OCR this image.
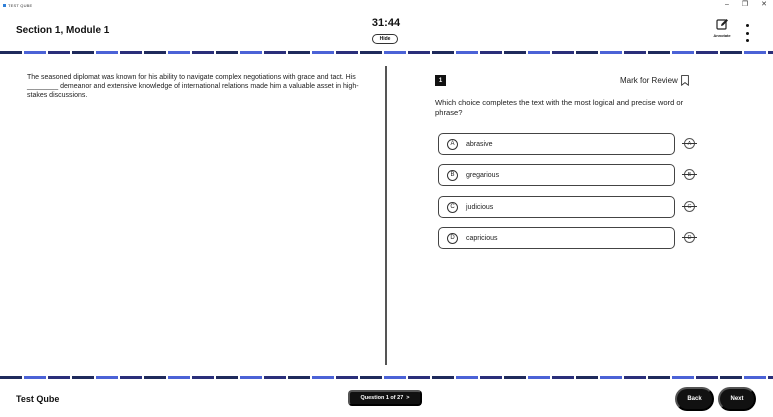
TEST QUBE	– ❐ ✕
Section 1, Module 1
31:44
Hide
Annotate
The seasoned diplomat was known for his ability to navigate complex negotiations with grace and tact. His ________ demeanor and extensive knowledge of international relations made him a valuable asset in high-stakes discussions.
1	Mark for Review
Which choice completes the text with the most logical and precise word or phrase?
A	abrasive
B	gregarious
C	judicious
D	capricious
Test Qube	Question 1 of 27 >	Back	Next
